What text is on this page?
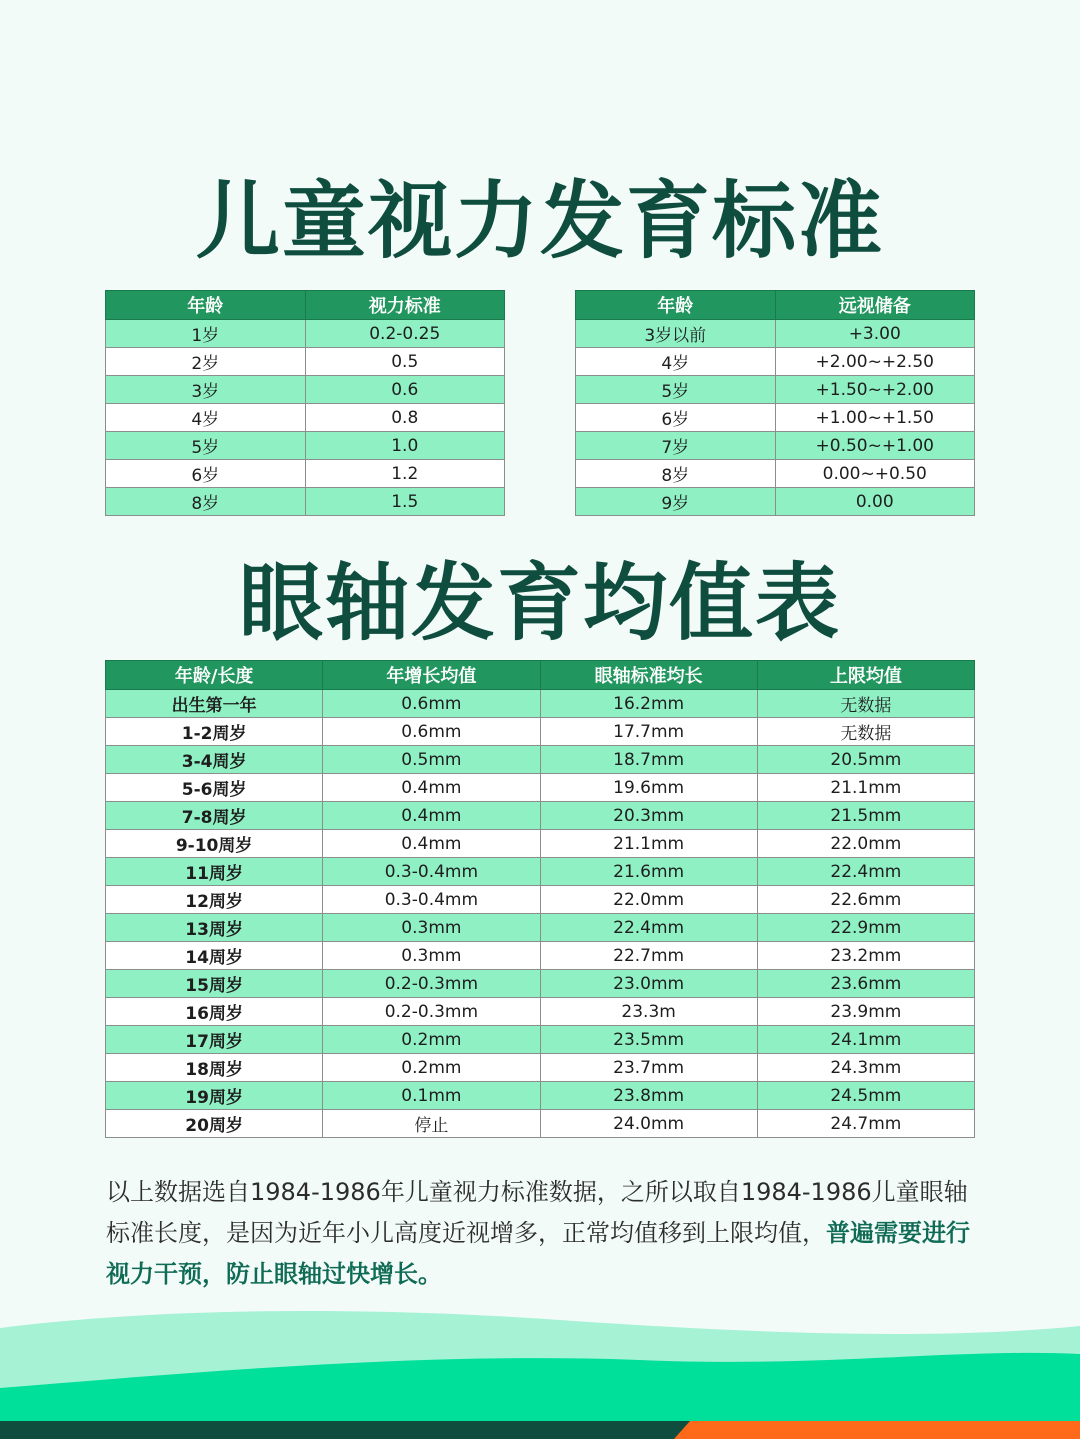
儿童视力发育标准
年龄	视力标准
1岁	0.2-0.25
2岁	0.5
3岁	0.6
4岁	0.8
5岁	1.0
6岁	1.2
8岁	1.5
年龄	远视储备
3岁以前	+3.00
4岁	+2.00~+2.50
5岁	+1.50~+2.00
6岁	+1.00~+1.50
7岁	+0.50~+1.00
8岁	0.00~+0.50
9岁	0.00
眼轴发育均值表
年龄/长度	年增长均值	眼轴标准均长	上限均值
出生第一年	0.6mm	16.2mm	无数据
1-2周岁	0.6mm	17.7mm	无数据
3-4周岁	0.5mm	18.7mm	20.5mm
5-6周岁	0.4mm	19.6mm	21.1mm
7-8周岁	0.4mm	20.3mm	21.5mm
9-10周岁	0.4mm	21.1mm	22.0mm
11周岁	0.3-0.4mm	21.6mm	22.4mm
12周岁	0.3-0.4mm	22.0mm	22.6mm
13周岁	0.3mm	22.4mm	22.9mm
14周岁	0.3mm	22.7mm	23.2mm
15周岁	0.2-0.3mm	23.0mm	23.6mm
16周岁	0.2-0.3mm	23.3m	23.9mm
17周岁	0.2mm	23.5mm	24.1mm
18周岁	0.2mm	23.7mm	24.3mm
19周岁	0.1mm	23.8mm	24.5mm
20周岁	停止	24.0mm	24.7mm
以上数据选自1984-1986年儿童视力标准数据，之所以取自1984-1986儿童眼轴标准长度，是因为近年小儿高度近视增多，正常均值移到上限均值，普遍需要进行视力干预，防止眼轴过快增长。
